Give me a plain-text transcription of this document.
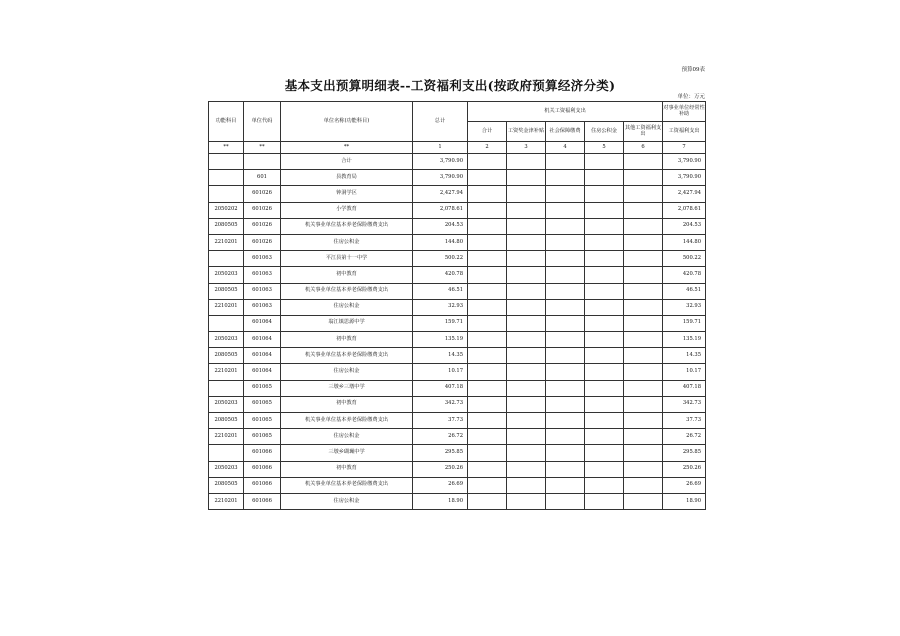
预算09表
基本支出预算明细表--工资福利支出(按政府预算经济分类)
单位：万元
功能科目	单位代码	单位名称(功能科目)	总计	机关工资福利支出					对事业单位经常性补助
				合计	工资奖金津补贴	社会保障缴费	住房公积金	其他工资福利支出	工资福利支出
**	**	**	1	2	3	4	5	6	7
		合计	3,790.90						3,790.90
	601	县教育局	3,790.90						3,790.90
	601026	钟洞学区	2,427.94						2,427.94
2050202	601026	小学教育	2,078.61						2,078.61
2080505	601026	机关事业单位基本养老保险缴费支出	204.53						204.53
2210201	601026	住房公积金	144.80						144.80
	601063	平江县第十一中学	500.22						500.22
2050203	601063	初中教育	420.78						420.78
2080505	601063	机关事业单位基本养老保险缴费支出	46.51						46.51
2210201	601063	住房公积金	32.93						32.93
	601064	翁江镇思源中学	159.71						159.71
2050203	601064	初中教育	135.19						135.19
2080505	601064	机关事业单位基本养老保险缴费支出	14.35						14.35
2210201	601064	住房公积金	10.17						10.17
	601065	三墩乡三墩中学	407.18						407.18
2050203	601065	初中教育	342.73						342.73
2080505	601065	机关事业单位基本养老保险缴费支出	37.73						37.73
2210201	601065	住房公积金	26.72						26.72
	601066	三墩乡瑚珮中学	295.85						295.85
2050203	601066	初中教育	250.26						250.26
2080505	601066	机关事业单位基本养老保险缴费支出	26.69						26.69
2210201	601066	住房公积金	18.90						18.90
